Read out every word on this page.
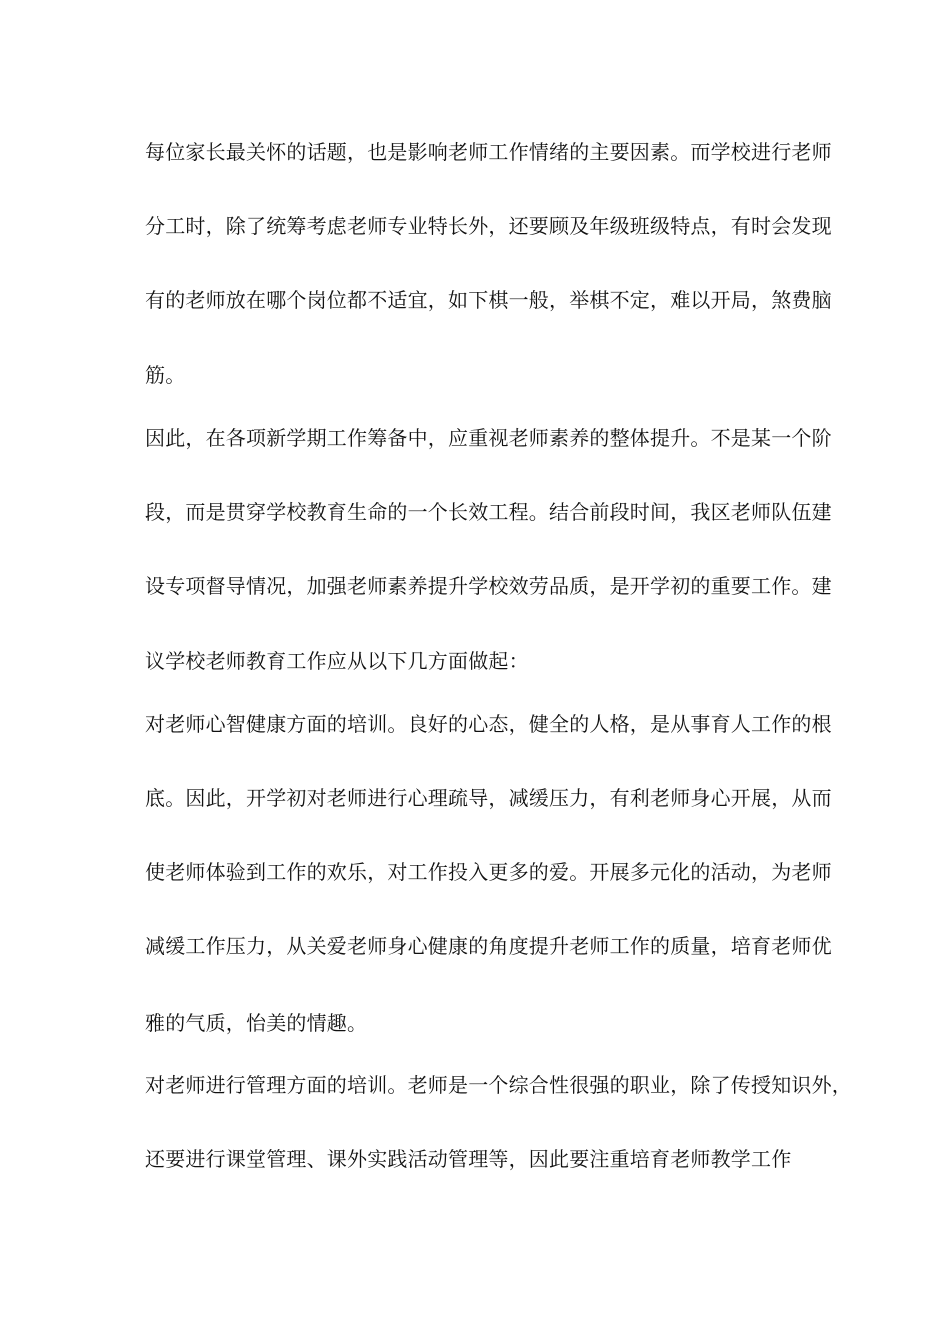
每位家长最关怀的话题，也是影响老师工作情绪的主要因素。而学校进行老师
分工时，除了统筹考虑老师专业特长外，还要顾及年级班级特点，有时会发现
有的老师放在哪个岗位都不适宜，如下棋一般，举棋不定，难以开局，煞费脑
筋。
因此，在各项新学期工作筹备中，应重视老师素养的整体提升。不是某一个阶
段，而是贯穿学校教育生命的一个长效工程。结合前段时间，我区老师队伍建
设专项督导情况，加强老师素养提升学校效劳品质，是开学初的重要工作。建
议学校老师教育工作应从以下几方面做起：
对老师心智健康方面的培训。良好的心态，健全的人格，是从事育人工作的根
底。因此，开学初对老师进行心理疏导，减缓压力，有利老师身心开展，从而
使老师体验到工作的欢乐，对工作投入更多的爱。开展多元化的活动，为老师
减缓工作压力，从关爱老师身心健康的角度提升老师工作的质量，培育老师优
雅的气质，怡美的情趣。
对老师进行管理方面的培训。老师是一个综合性很强的职业，除了传授知识外，
还要进行课堂管理、课外实践活动管理等，因此要注重培育老师教学工作
